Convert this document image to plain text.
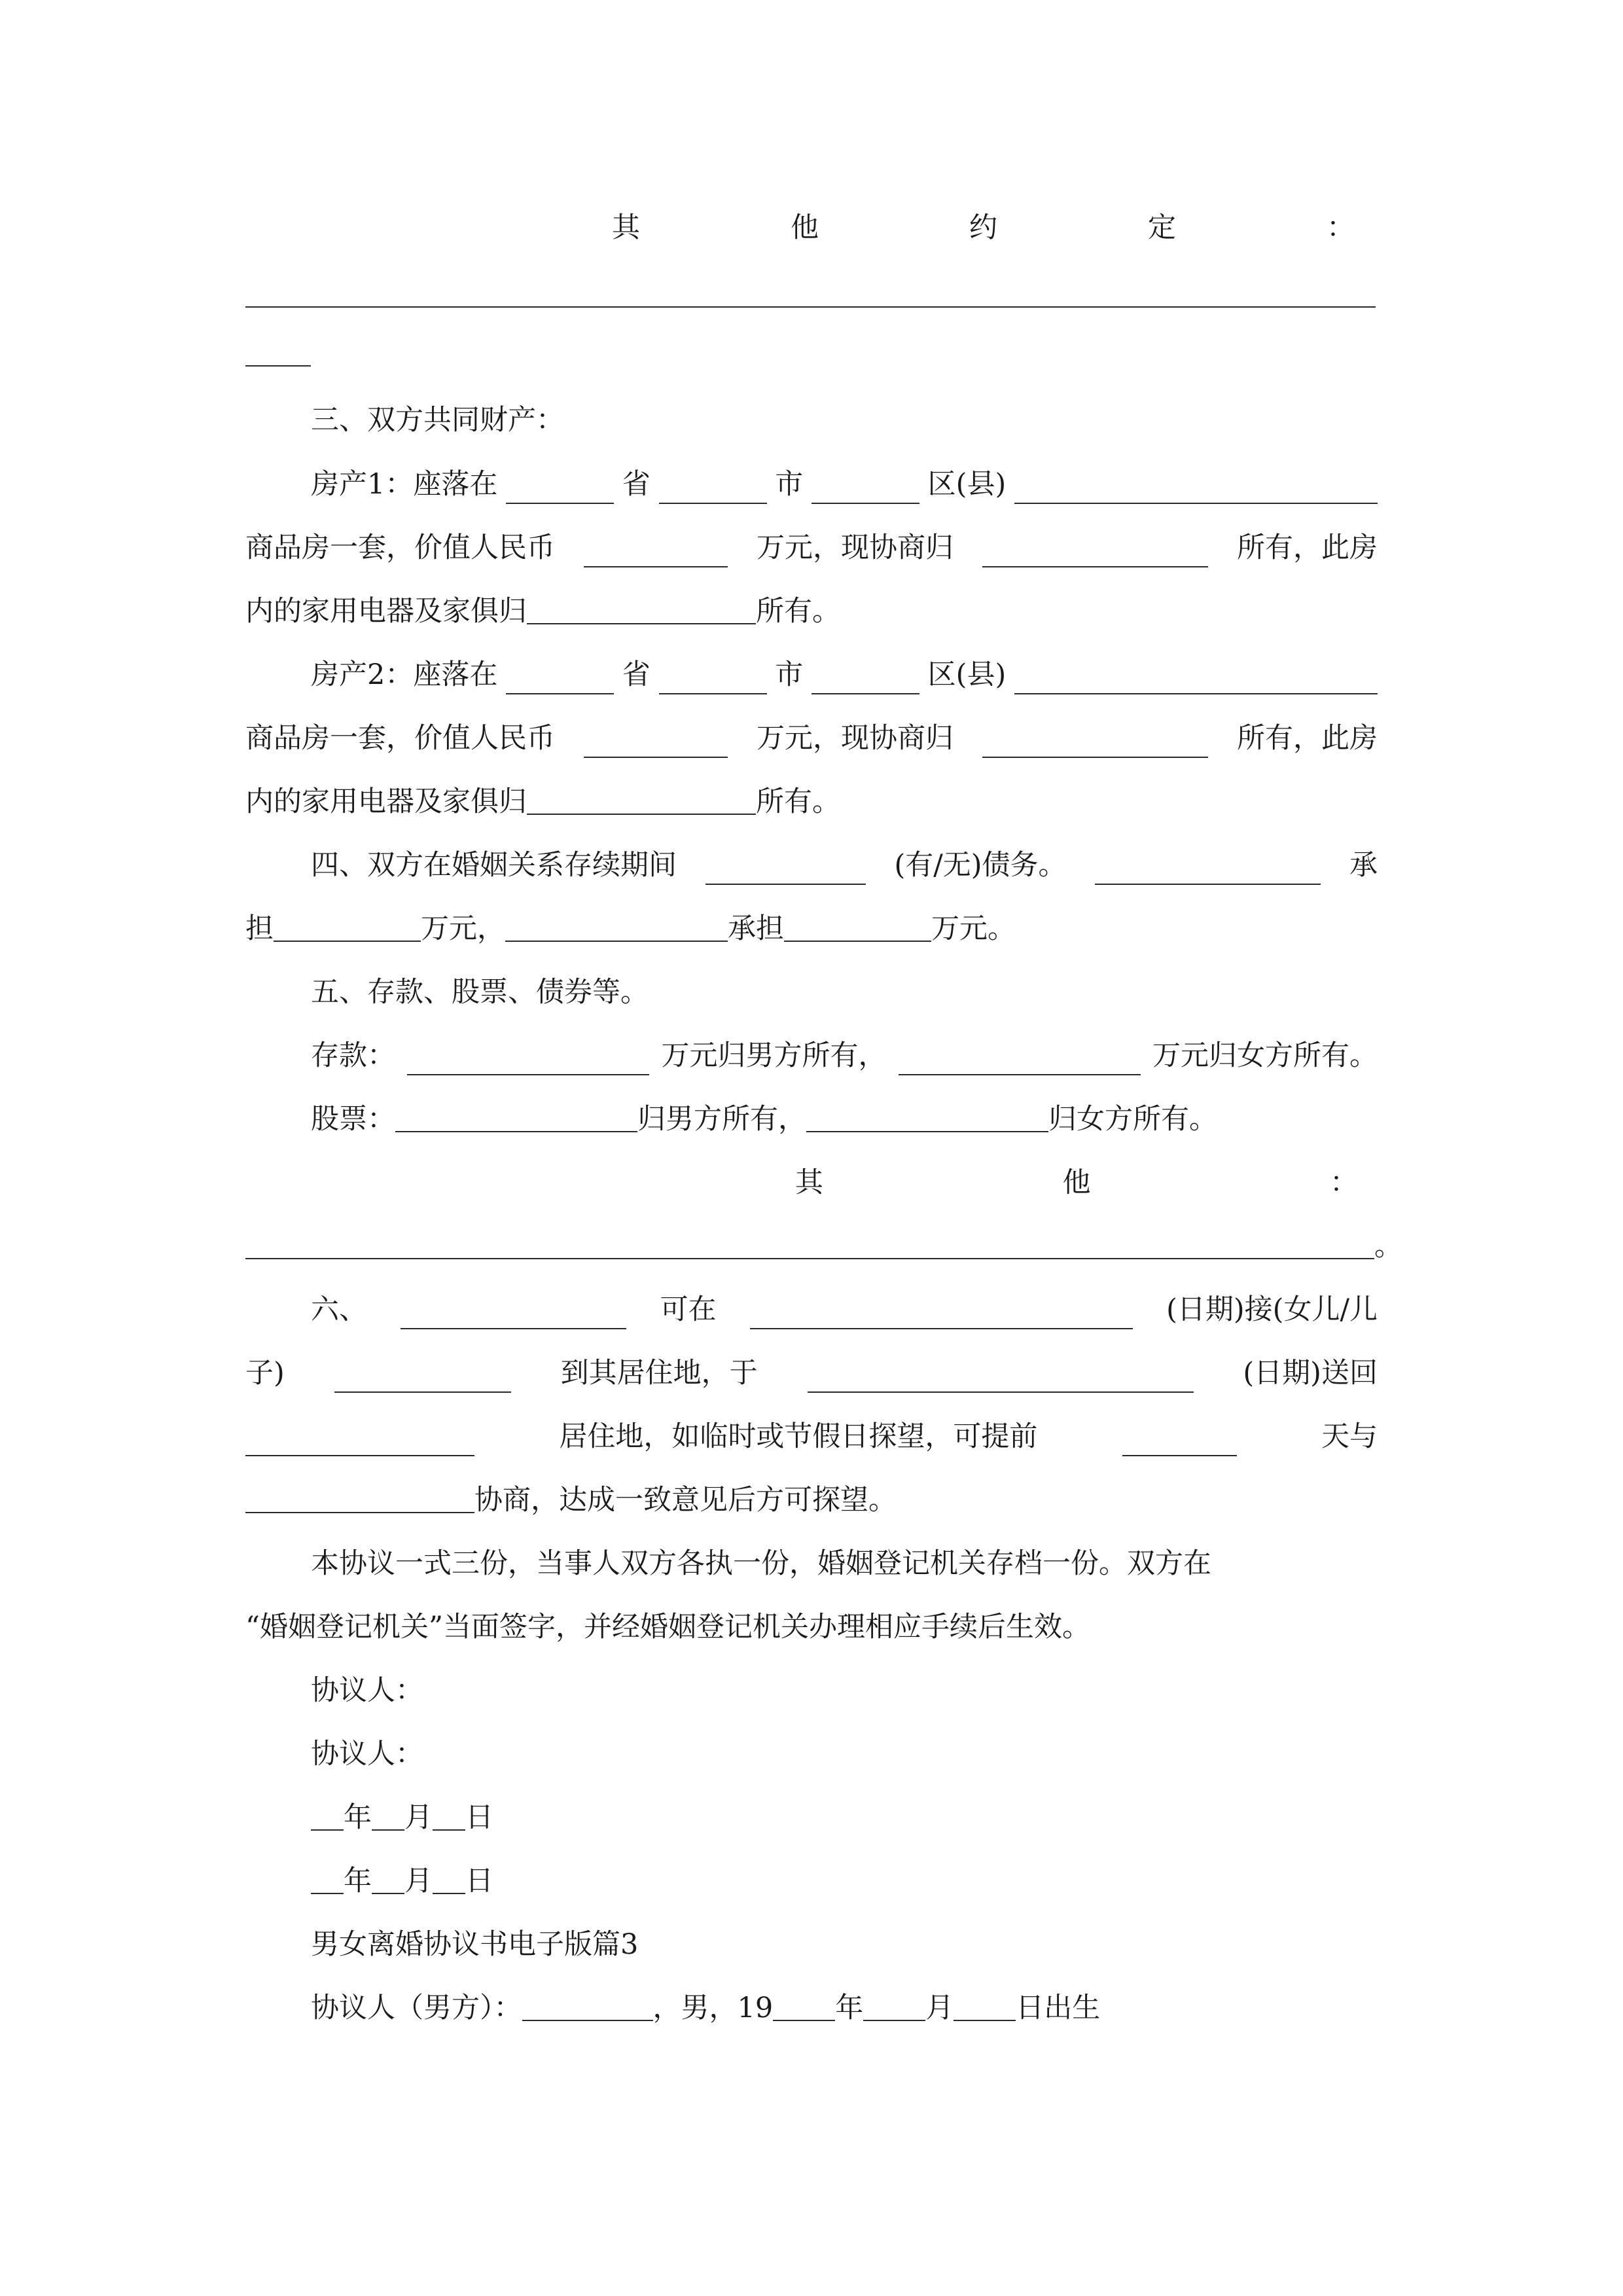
其	他	约	定	：
三、双方共同财产：
房产1：座落在	省	市	区(县)
商品房一套，价值人民币	万元，现协商归	所有，此房
内的家用电器及家俱归	所有。
房产2：座落在	省	市	区(县)
商品房一套，价值人民币	万元，现协商归	所有，此房
内的家用电器及家俱归	所有。
四、双方在婚姻关系存续期间	(有/无)债务。	承
担	万元，	承担	万元。
五、存款、股票、债券等。
存款：	万元归男方所有，	万元归女方所有。
股票：	归男方所有，	归女方所有。
其	他	：
。
六、	可在	(日期)接(女儿/儿
子)	到其居住地，于	(日期)送回
居住地，如临时或节假日探望，可提前	天与
协商，达成一致意见后方可探望。
本协议一式三份，当事人双方各执一份，婚姻登记机关存档一份。双方在
“婚姻登记机关”当面签字，并经婚姻登记机关办理相应手续后生效。
协议人：
协议人：
年 月 日
年 月 日
男女离婚协议书电子版篇3
协议人（男方）：	，男，19 年 月 日出生
